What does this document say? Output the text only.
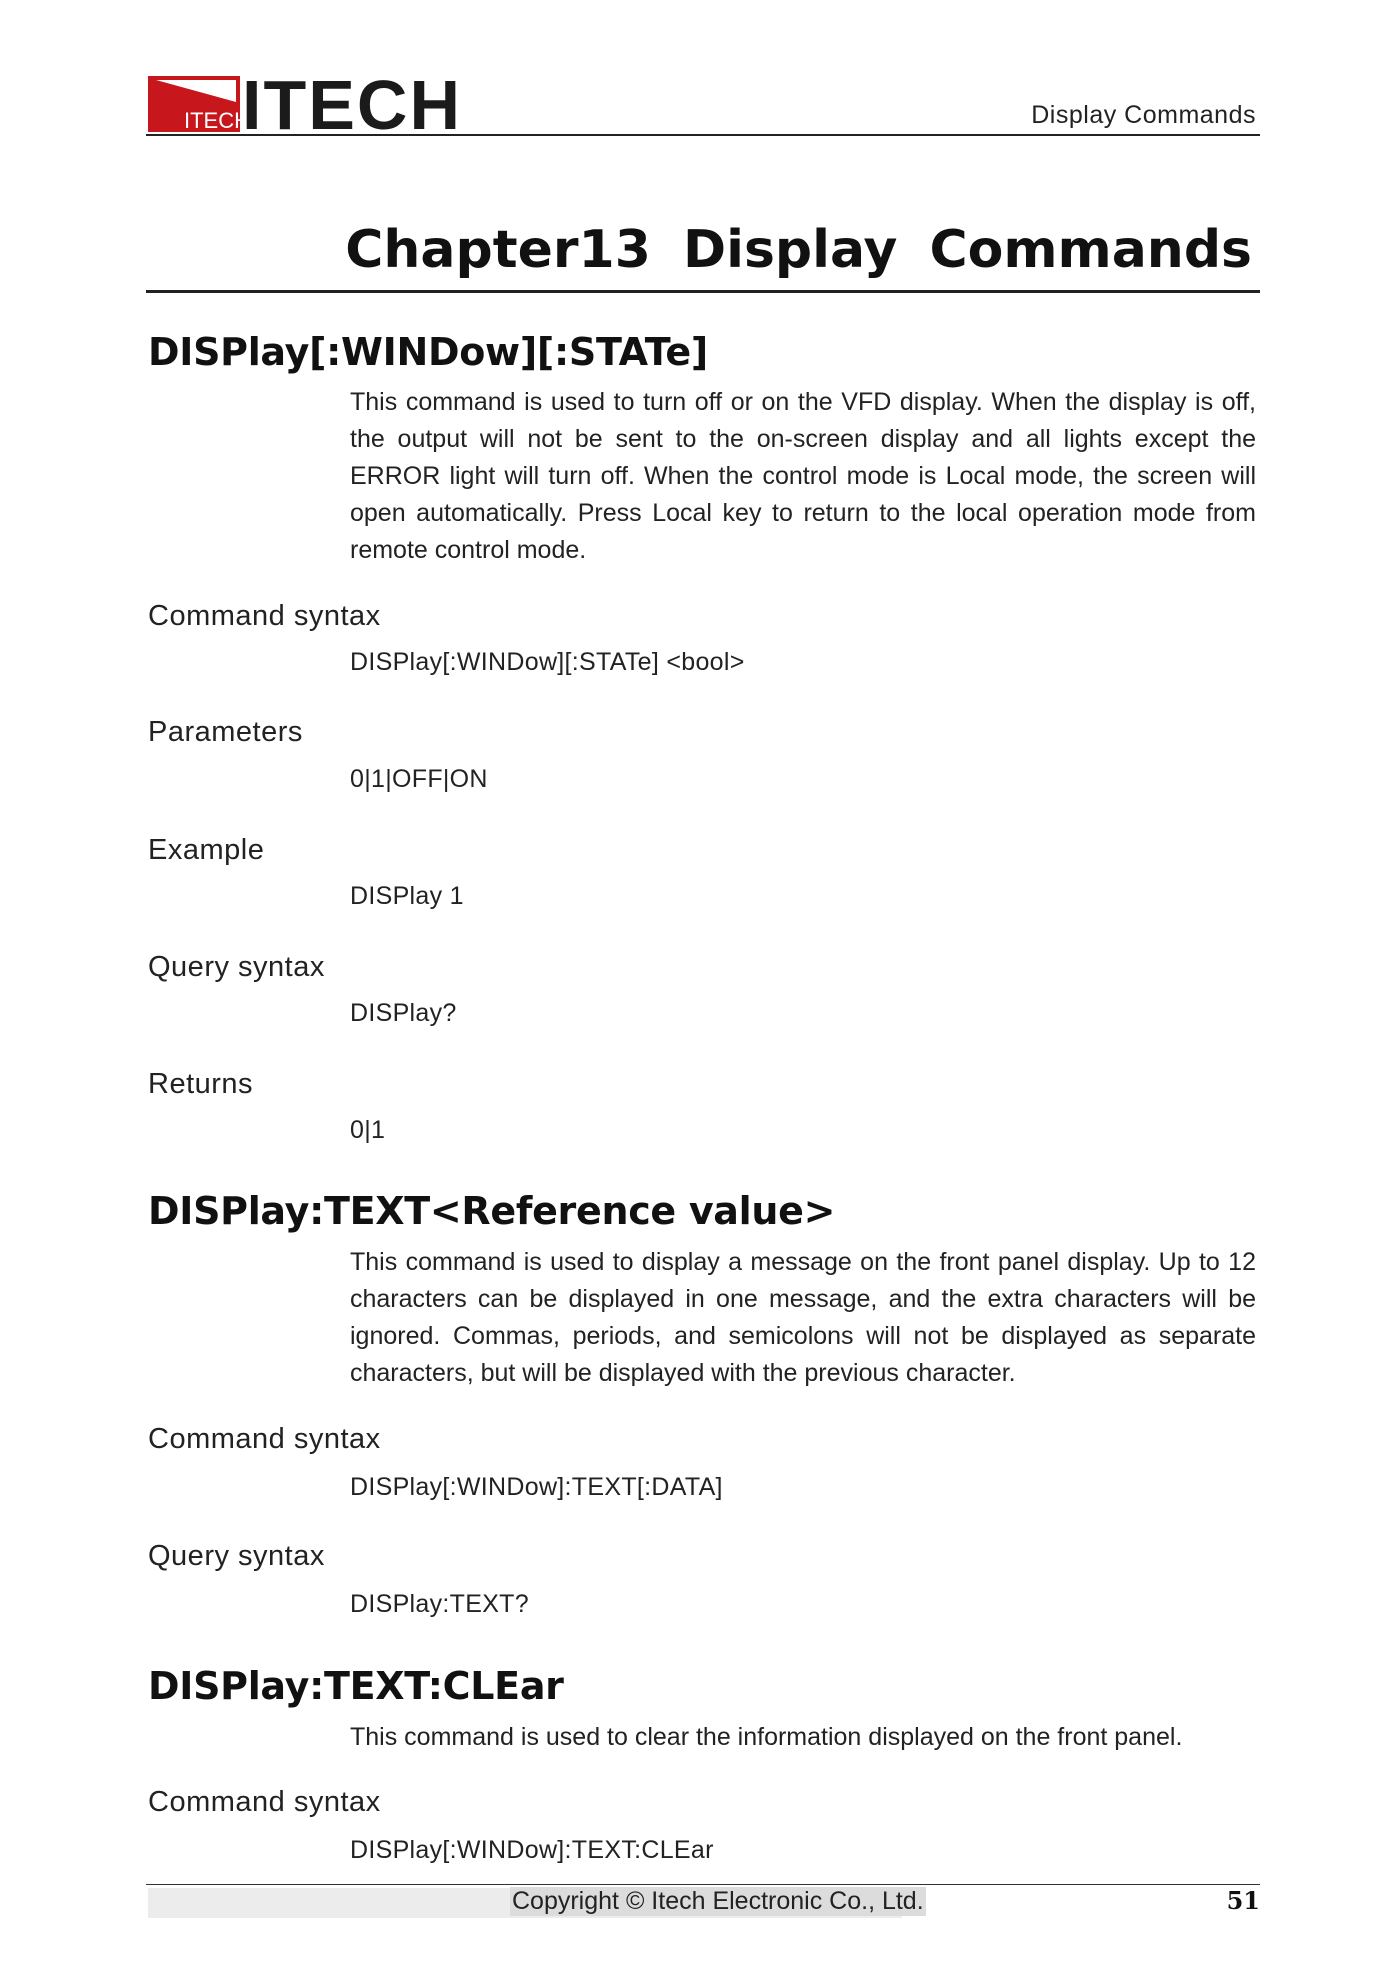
ITECH
ITECH	Display Commands
Chapter13 Display Commands
DISPlay[:WINDow][:STATe]
This command is used to turn off or on the VFD display. When the display is off, the output will not be sent to the on-screen display and all lights except the ERROR light will turn off. When the control mode is Local mode, the screen will open automatically. Press Local key to return to the local operation mode from remote control mode.
Command syntax
DISPlay[:WINDow][:STATe] <bool>
Parameters
0|1|OFF|ON
Example
DISPlay 1
Query syntax
DISPlay?
Returns
0|1
DISPlay:TEXT<Reference value>
This command is used to display a message on the front panel display. Up to 12 characters can be displayed in one message, and the extra characters will be ignored. Commas, periods, and semicolons will not be displayed as separate characters, but will be displayed with the previous character.
Command syntax
DISPlay[:WINDow]:TEXT[:DATA]
Query syntax
DISPlay:TEXT?
DISPlay:TEXT:CLEar
This command is used to clear the information displayed on the front panel.
Command syntax
DISPlay[:WINDow]:TEXT:CLEar
Copyright © Itech Electronic Co., Ltd.	51
